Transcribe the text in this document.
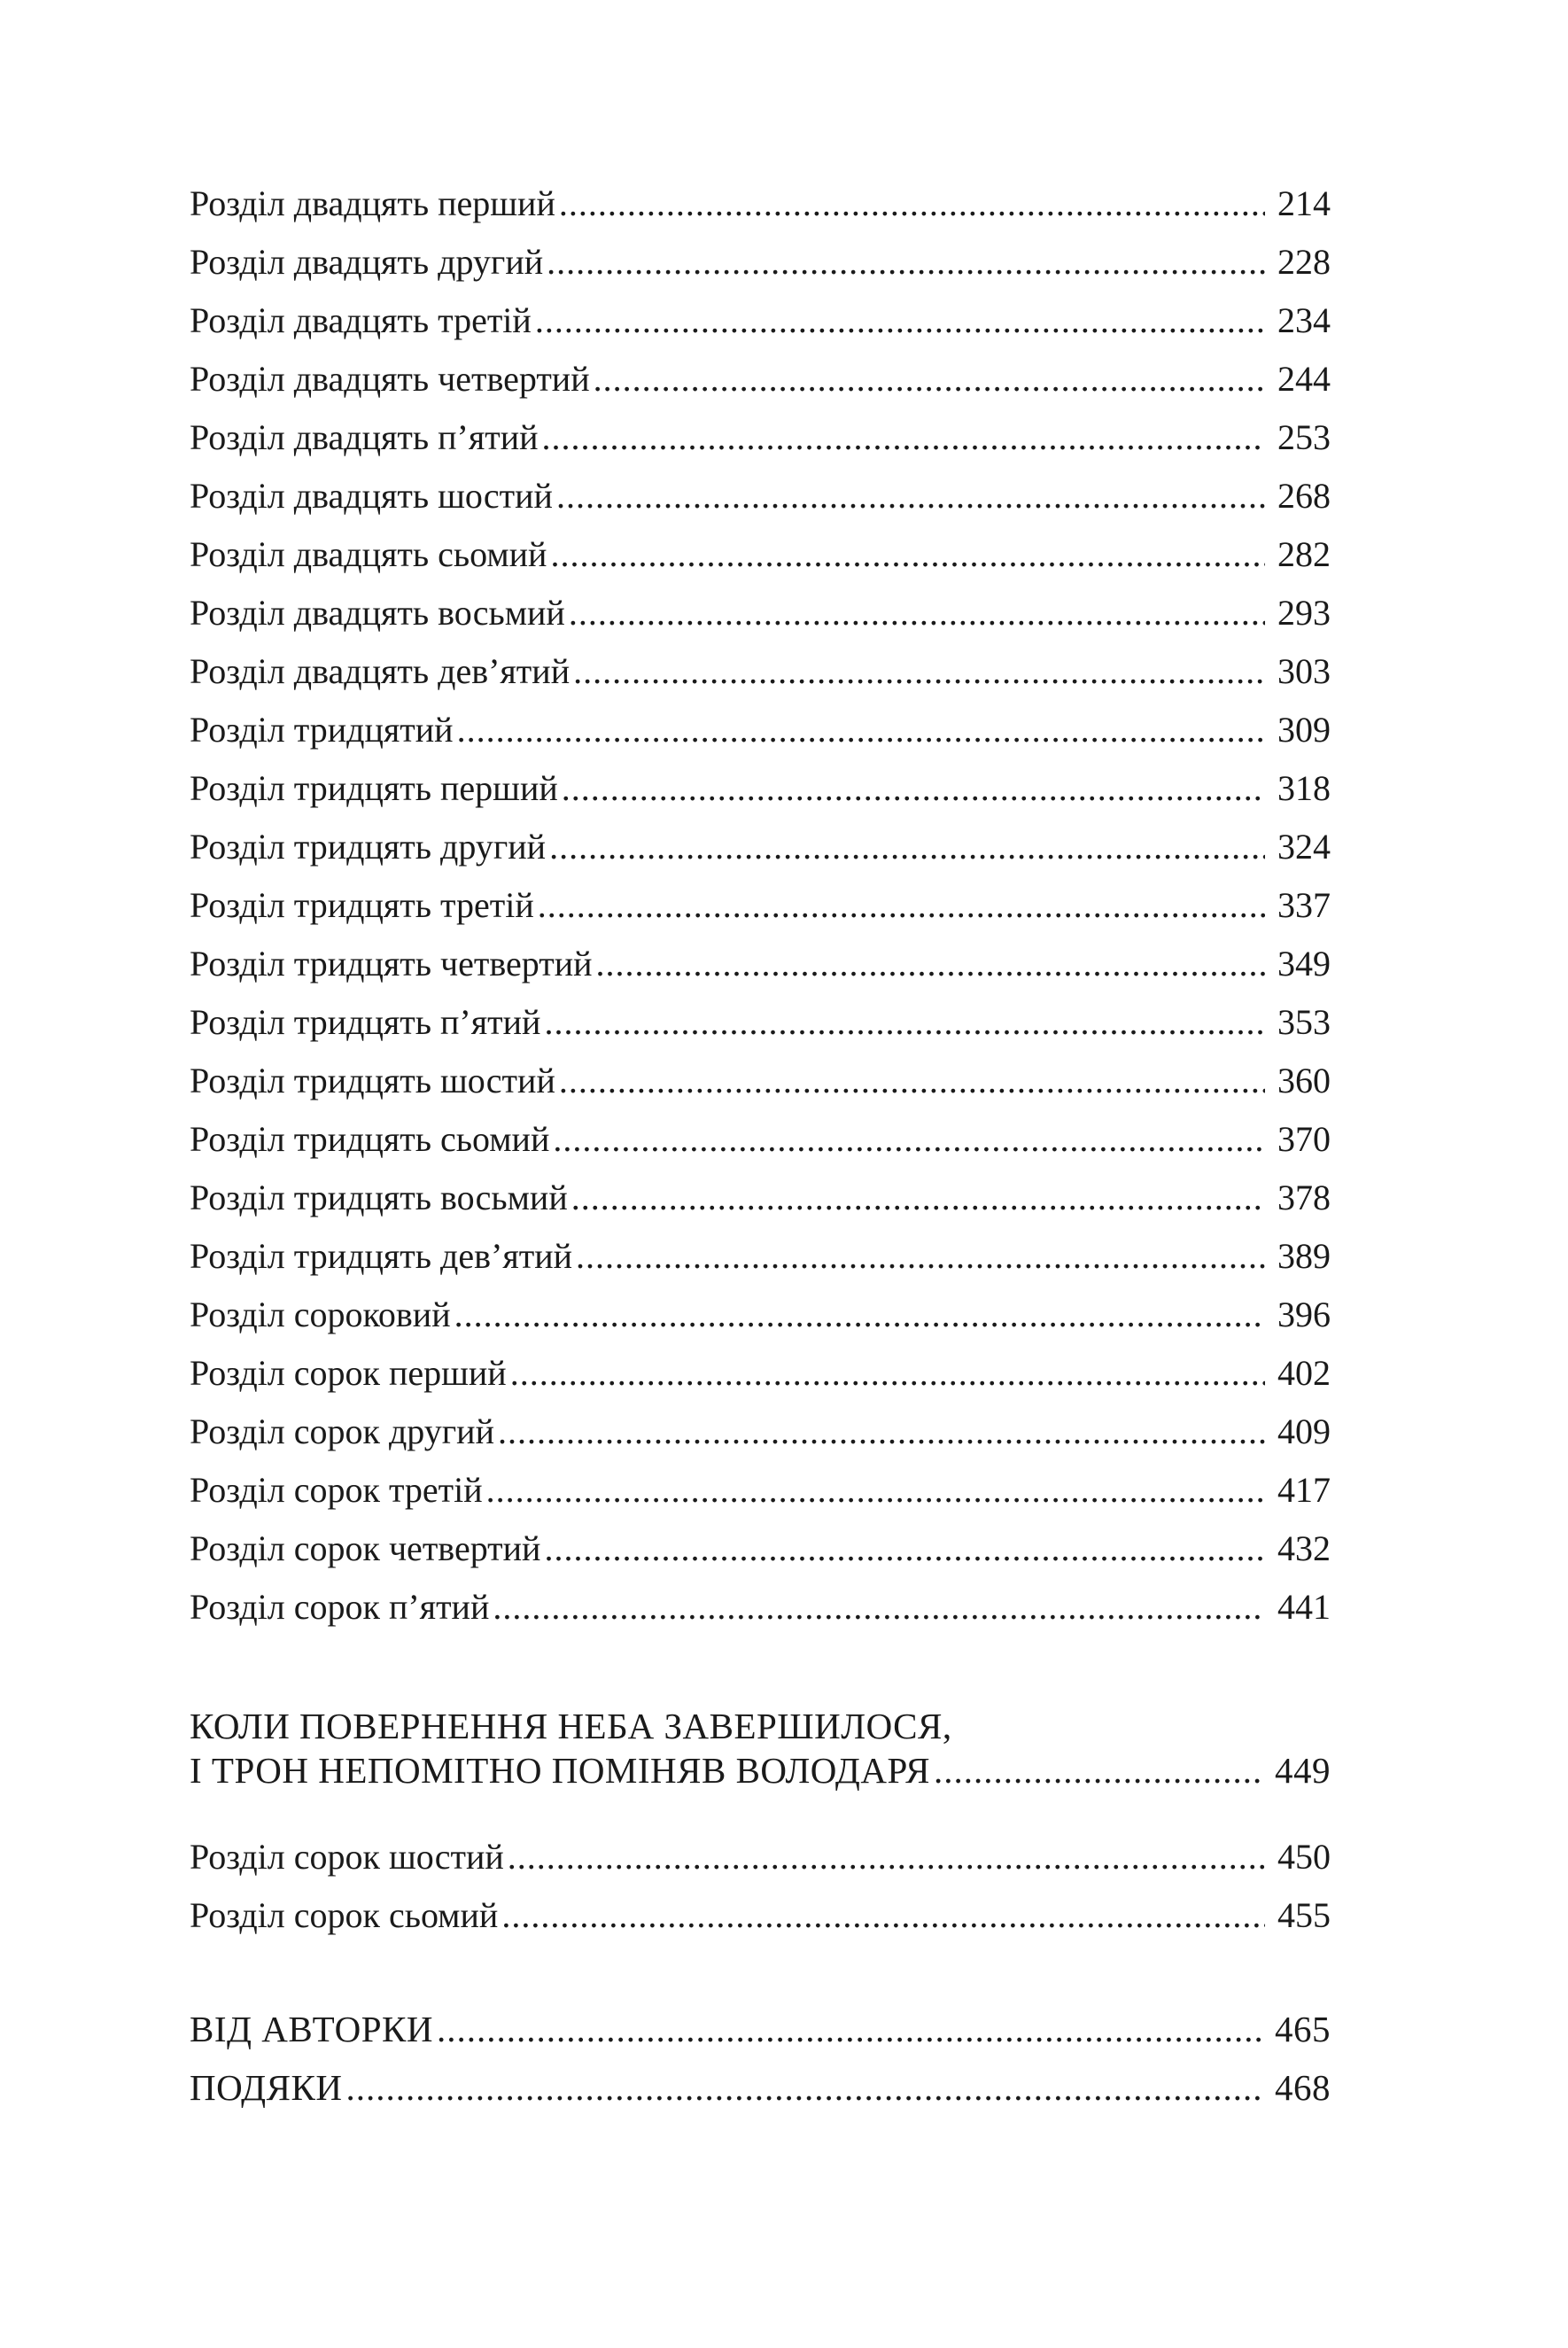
Розділ двадцять перший .....	214
Розділ двадцять другий .....	228
Розділ двадцять третій .....	234
Розділ двадцять четвертий .....	244
Розділ двадцять п’ятий .....	253
Розділ двадцять шостий .....	268
Розділ двадцять сьомий .....	282
Розділ двадцять восьмий .....	293
Розділ двадцять дев’ятий .....	303
Розділ тридцятий .....	309
Розділ тридцять перший .....	318
Розділ тридцять другий .....	324
Розділ тридцять третій .....	337
Розділ тридцять четвертий .....	349
Розділ тридцять п’ятий .....	353
Розділ тридцять шостий .....	360
Розділ тридцять сьомий .....	370
Розділ тридцять восьмий .....	378
Розділ тридцять дев’ятий .....	389
Розділ сороковий .....	396
Розділ сорок перший .....	402
Розділ сорок другий .....	409
Розділ сорок третій .....	417
Розділ сорок четвертий .....	432
Розділ сорок п’ятий .....	441
КОЛИ ПОВЕРНЕННЯ НЕБА ЗАВЕРШИЛОСЯ,
І ТРОН НЕПОМІТНО ПОМІНЯВ ВОЛОДАРЯ .....	449
Розділ сорок шостий .....	450
Розділ сорок сьомий .....	455
ВІД АВТОРКИ .....	465
ПОДЯКИ .....	468
